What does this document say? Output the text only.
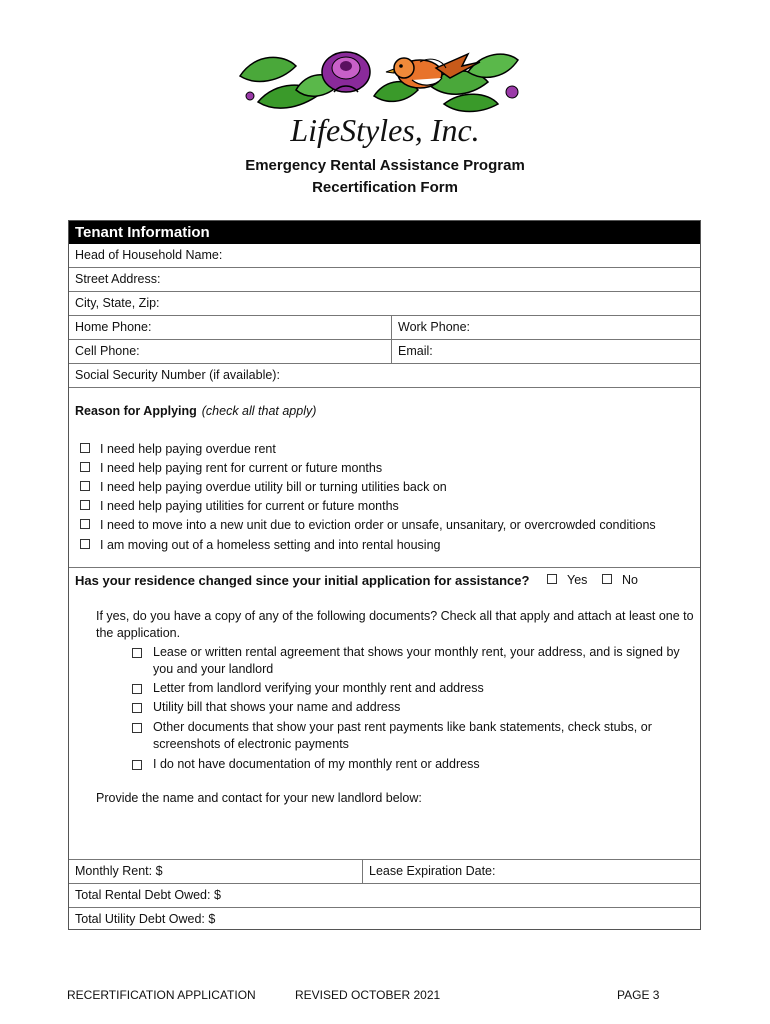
LifeStyles, Inc.
Emergency Rental Assistance Program
Recertification Form
Tenant Information
Head of Household Name:
Street Address:
City, State, Zip:
Home Phone:	Work Phone:
Cell Phone:	Email:
Social Security Number (if available):
Reason for Applying (check all that apply)
I need help paying overdue rent
I need help paying rent for current or future months
I need help paying overdue utility bill or turning utilities back on
I need help paying utilities for current or future months
I need to move into a new unit due to eviction order or unsafe, unsanitary, or overcrowded conditions
I am moving out of a homeless setting and into rental housing
Has your residence changed since your initial application for assistance?	Yes	No
If yes, do you have a copy of any of the following documents? Check all that apply and attach at least one to the application.
Lease or written rental agreement that shows your monthly rent, your address, and is signed by you and your landlord
Letter from landlord verifying your monthly rent and address
Utility bill that shows your name and address
Other documents that show your past rent payments like bank statements, check stubs, or screenshots of electronic payments
I do not have documentation of my monthly rent or address
Provide the name and contact for your new landlord below:
Monthly Rent: $	Lease Expiration Date:
Total Rental Debt Owed: $
Total Utility Debt Owed: $
RECERTIFICATION APPLICATION	REVISED OCTOBER 2021	PAGE 3
